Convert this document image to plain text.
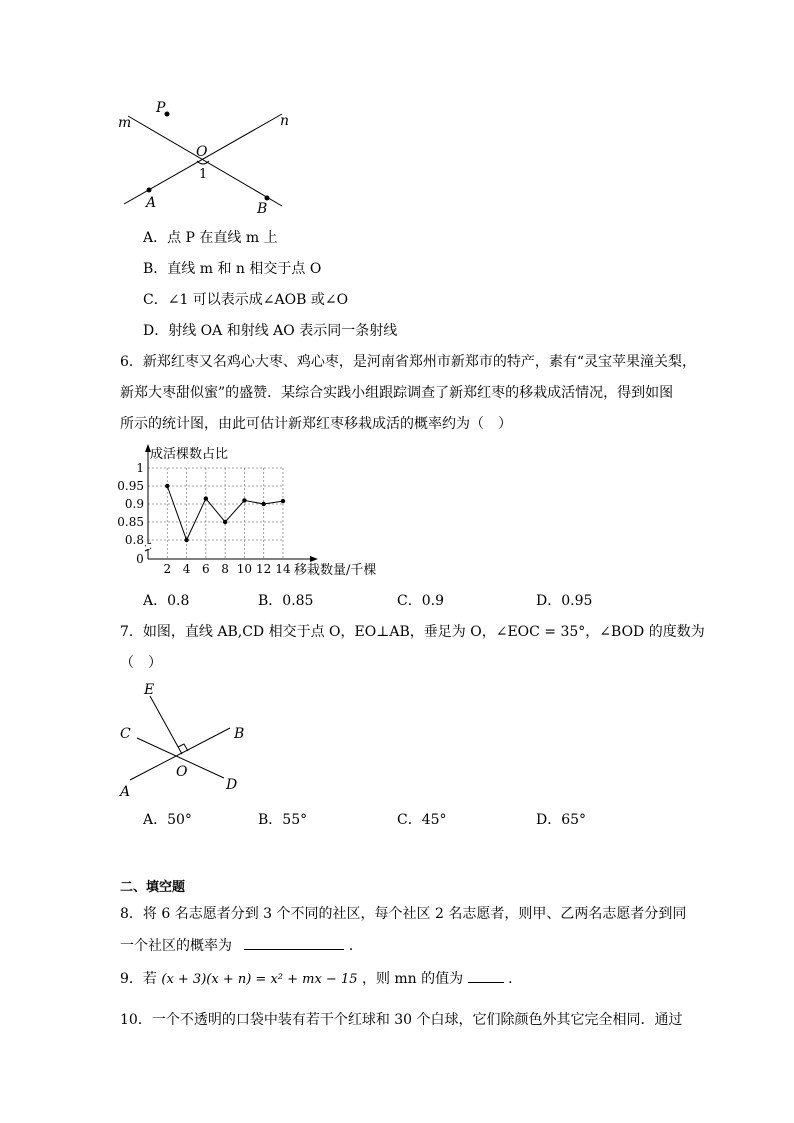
P
m	n
O
1
A	B
A．点 P 在直线 m 上
B．直线 m 和 n 相交于点 O
C．∠1 可以表示成∠AOB 或∠O
D．射线 OA 和射线 AO 表示同一条射线
6．新郑红枣又名鸡心大枣、鸡心枣，是河南省郑州市新郑市的特产，素有“灵宝苹果潼关梨，
新郑大枣甜似蜜”的盛赞．某综合实践小组跟踪调查了新郑红枣的移栽成活情况，得到如图
所示的统计图，由此可估计新郑红枣移栽成活的概率约为（　）
0.8
0.85
0.9
0.95
1
2 4 6 8 10 12 14
0
成活棵数占比
移栽数量/千棵
A．0.8	B．0.85	C．0.9	D．0.95
7．如图，直线 AB,CD 相交于点 O，EO⊥AB，垂足为 O，∠EOC = 35°，∠BOD 的度数为
（　）
E
C	B
O
A	D
A．50°	B．55°	C．45°	D．65°
二、填空题
8．将 6 名志愿者分到 3 个不同的社区，每个社区 2 名志愿者，则甲、乙两名志愿者分到同
一个社区的概率为	．
9．若 (x + 3)(x + n) = x² + mx − 15 ，则 mn 的值为	．
10．一个不透明的口袋中装有若干个红球和 30 个白球，它们除颜色外其它完全相同．通过
